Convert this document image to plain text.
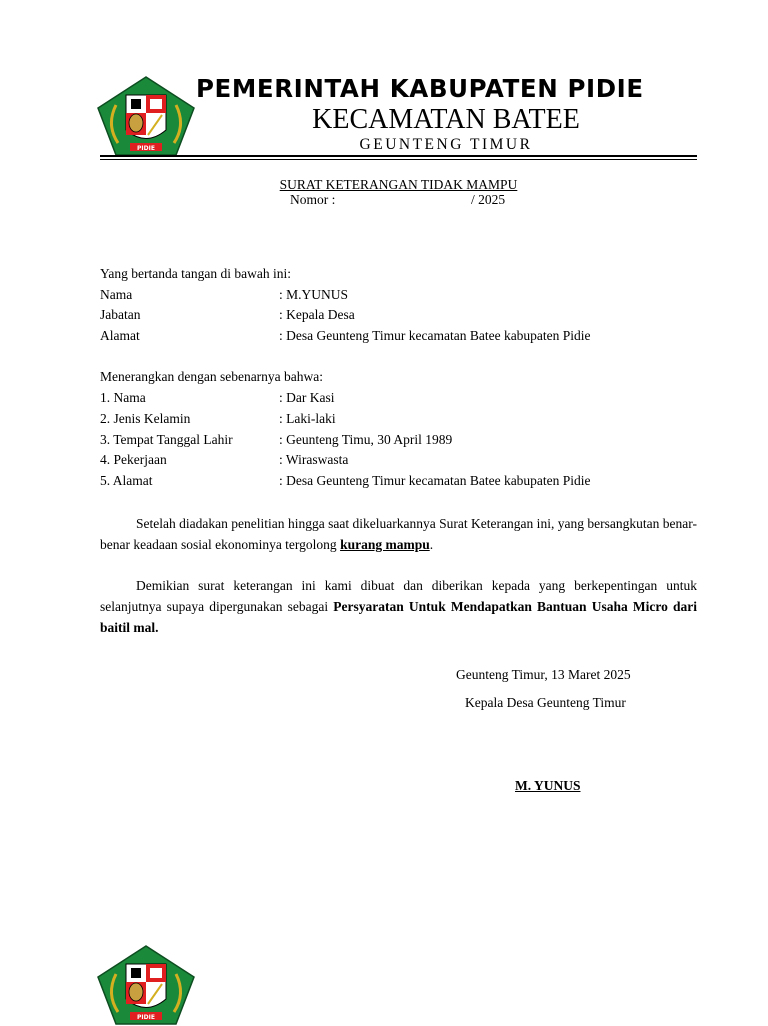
PIDIE
PEMERINTAH KABUPATEN PIDIE
KECAMATAN BATEE
GEUNTENG TIMUR
SURAT KETERANGAN TIDAK MAMPU
Nomor :	/ 2025
Yang bertanda tangan di bawah ini:
Nama	: M.YUNUS
Jabatan	: Kepala Desa
Alamat	: Desa Geunteng Timur kecamatan Batee kabupaten Pidie
Menerangkan dengan sebenarnya bahwa:
1. Nama	: Dar Kasi
2. Jenis Kelamin	: Laki-laki
3. Tempat Tanggal Lahir	: Geunteng Timu, 30 April 1989
4. Pekerjaan	: Wiraswasta
5. Alamat	: Desa Geunteng Timur kecamatan Batee kabupaten Pidie
Setelah diadakan penelitian hingga saat dikeluarkannya Surat Keterangan ini, yang bersangkutan benar-benar keadaan sosial ekonominya tergolong kurang mampu.
Demikian surat keterangan ini kami dibuat dan diberikan kepada yang berkepentingan untuk selanjutnya supaya dipergunakan sebagai Persyaratan Untuk Mendapatkan Bantuan Usaha Micro dari baitil mal.
Geunteng Timur, 13 Maret 2025
Kepala Desa Geunteng Timur
M. YUNUS
PIDIE
